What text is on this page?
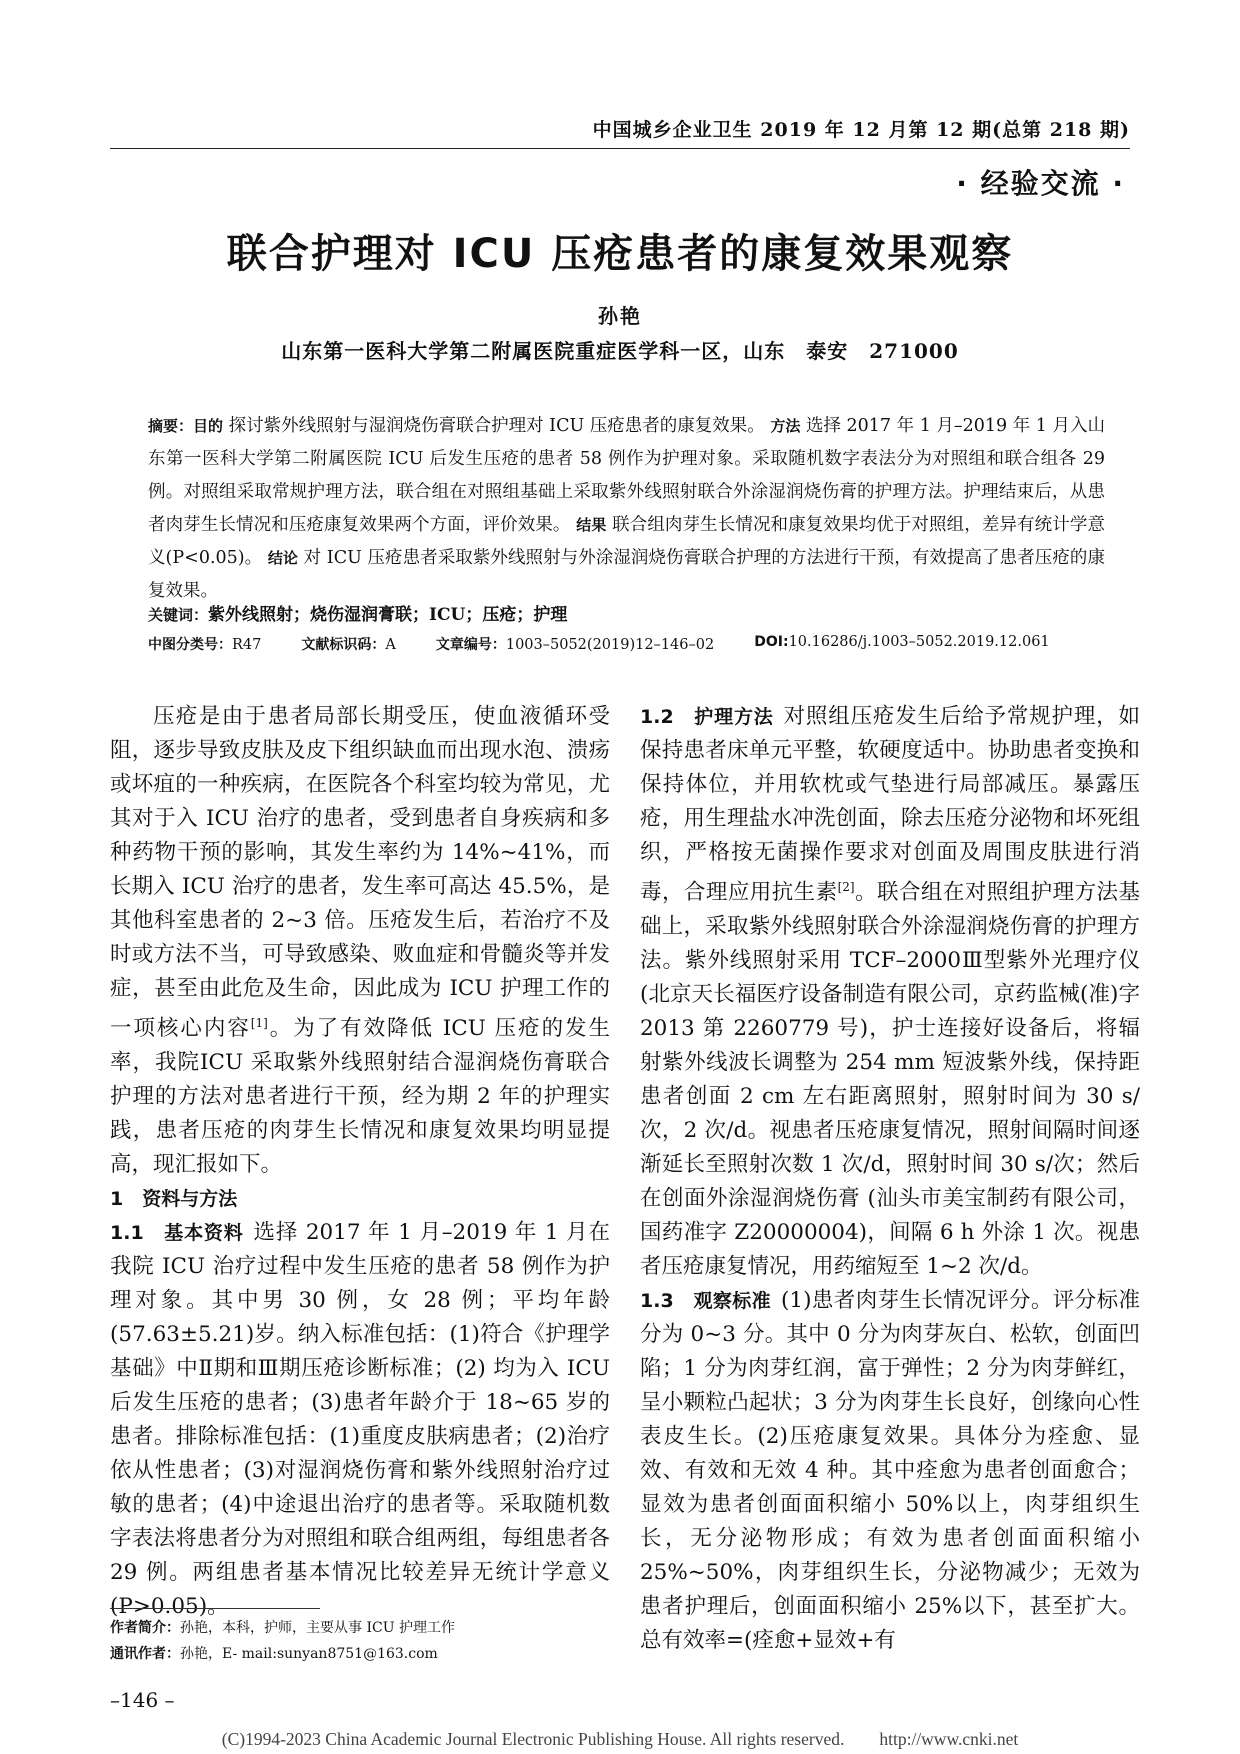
中国城乡企业卫生 2019 年 12 月第 12 期(总第 218 期)
· 经验交流 ·
联合护理对 ICU 压疮患者的康复效果观察
孙艳
山东第一医科大学第二附属医院重症医学科一区，山东　泰安　271000
摘要：目的 探讨紫外线照射与湿润烧伤膏联合护理对 ICU 压疮患者的康复效果。 方法 选择 2017 年 1 月–2019 年 1 月入山东第一医科大学第二附属医院 ICU 后发生压疮的患者 58 例作为护理对象。采取随机数字表法分为对照组和联合组各 29 例。对照组采取常规护理方法，联合组在对照组基础上采取紫外线照射联合外涂湿润烧伤膏的护理方法。护理结束后，从患者肉芽生长情况和压疮康复效果两个方面，评价效果。 结果 联合组肉芽生长情况和康复效果均优于对照组，差异有统计学意义(P<0.05)。 结论 对 ICU 压疮患者采取紫外线照射与外涂湿润烧伤膏联合护理的方法进行干预，有效提高了患者压疮的康复效果。
关键词：紫外线照射；烧伤湿润膏联；ICU；压疮；护理
中图分类号：R47	文献标识码：A	文章编号：1003–5052(2019)12–146–02	DOI:10.16286/j.1003–5052.2019.12.061

压疮是由于患者局部长期受压，使血液循环受阻，逐步导致皮肤及皮下组织缺血而出现水泡、溃疡或坏疽的一种疾病，在医院各个科室均较为常见，尤其对于入 ICU 治疗的患者，受到患者自身疾病和多种药物干预的影响，其发生率约为 14%~41%，而长期入 ICU 治疗的患者，发生率可高达 45.5%，是其他科室患者的 2~3 倍。压疮发生后，若治疗不及时或方法不当，可导致感染、败血症和骨髓炎等并发症，甚至由此危及生命，因此成为 ICU 护理工作的一项核心内容[1]。为了有效降低 ICU 压疮的发生率，我院ICU 采取紫外线照射结合湿润烧伤膏联合护理的方法对患者进行干预，经为期 2 年的护理实践，患者压疮的肉芽生长情况和康复效果均明显提高，现汇报如下。

1　资料与方法

1.1　基本资料 选择 2017 年 1 月–2019 年 1 月在我院 ICU 治疗过程中发生压疮的患者 58 例作为护理对象。其中男 30 例，女 28 例；平均年龄(57.63±5.21)岁。纳入标准包括：(1)符合《护理学基础》中Ⅱ期和Ⅲ期压疮诊断标准；(2) 均为入 ICU 后发生压疮的患者；(3)患者年龄介于 18~65 岁的患者。排除标准包括：(1)重度皮肤病患者；(2)治疗依从性患者；(3)对湿润烧伤膏和紫外线照射治疗过敏的患者；(4)中途退出治疗的患者等。采取随机数字表法将患者分为对照组和联合组两组，每组患者各 29 例。两组患者基本情况比较差异无统计学意义(P>0.05)。

1.2　护理方法 对照组压疮发生后给予常规护理，如保持患者床单元平整，软硬度适中。协助患者变换和保持体位，并用软枕或气垫进行局部减压。暴露压疮，用生理盐水冲洗创面，除去压疮分泌物和坏死组织，严格按无菌操作要求对创面及周围皮肤进行消毒，合理应用抗生素[2]。联合组在对照组护理方法基础上，采取紫外线照射联合外涂湿润烧伤膏的护理方法。紫外线照射采用 TCF–2000Ⅲ型紫外光理疗仪(北京天长福医疗设备制造有限公司，京药监械(准)字 2013 第 2260779 号)，护士连接好设备后，将辐射紫外线波长调整为 254 mm 短波紫外线，保持距患者创面 2 cm 左右距离照射，照射时间为 30 s/次，2 次/d。视患者压疮康复情况，照射间隔时间逐渐延长至照射次数 1 次/d，照射时间 30 s/次；然后在创面外涂湿润烧伤膏 (汕头市美宝制药有限公司，国药准字 Z20000004)，间隔 6 h 外涂 1 次。视患者压疮康复情况，用药缩短至 1~2 次/d。

1.3　观察标准 (1)患者肉芽生长情况评分。评分标准分为 0~3 分。其中 0 分为肉芽灰白、松软，创面凹陷；1 分为肉芽红润，富于弹性；2 分为肉芽鲜红，呈小颗粒凸起状；3 分为肉芽生长良好，创缘向心性表皮生长。(2)压疮康复效果。具体分为痊愈、显效、有效和无效 4 种。其中痊愈为患者创面愈合；显效为患者创面面积缩小 50%以上，肉芽组织生长，无分泌物形成；有效为患者创面面积缩小 25%~50%，肉芽组织生长，分泌物减少；无效为患者护理后，创面面积缩小 25%以下，甚至扩大。总有效率=(痊愈+显效+有

作者简介：孙艳，本科，护师，主要从事 ICU 护理工作
通讯作者：孙艳，E- mail:sunyan8751@163.com
–146 –
(C)1994-2023 China Academic Journal Electronic Publishing House. All rights reserved.　　http://www.cnki.net
